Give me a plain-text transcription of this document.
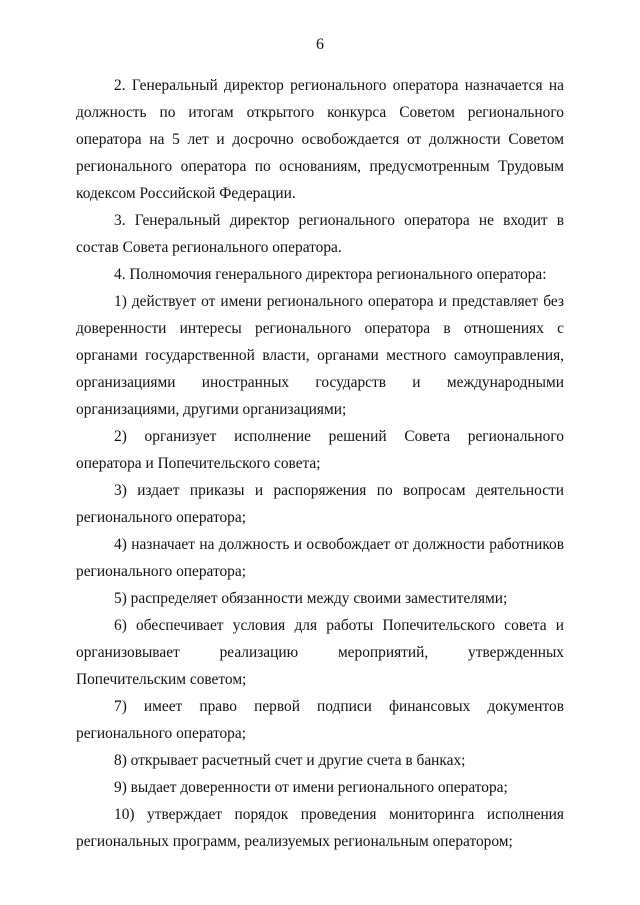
6

2. Генеральный директор регионального оператора назначается на должность по итогам открытого конкурса Советом регионального оператора на 5 лет и досрочно освобождается от должности Советом регионального оператора по основаниям, предусмотренным Трудовым кодексом Российской Федерации.

3. Генеральный директор регионального оператора не входит в состав Совета регионального оператора.

4. Полномочия генерального директора регионального оператора:

1) действует от имени регионального оператора и представляет без доверенности интересы регионального оператора в отношениях с органами государственной власти, органами местного самоуправления, организациями иностранных государств и международными организациями, другими организациями;

2) организует исполнение решений Совета регионального оператора и Попечительского совета;

3) издает приказы и распоряжения по вопросам деятельности регионального оператора;

4) назначает на должность и освобождает от должности работников регионального оператора;

5) распределяет обязанности между своими заместителями;

6) обеспечивает условия для работы Попечительского совета и организовывает реализацию мероприятий, утвержденных Попечительским советом;

7) имеет право первой подписи финансовых документов регионального оператора;

8) открывает расчетный счет и другие счета в банках;

9) выдает доверенности от имени регионального оператора;

10) утверждает порядок проведения мониторинга исполнения региональных программ, реализуемых региональным оператором;
